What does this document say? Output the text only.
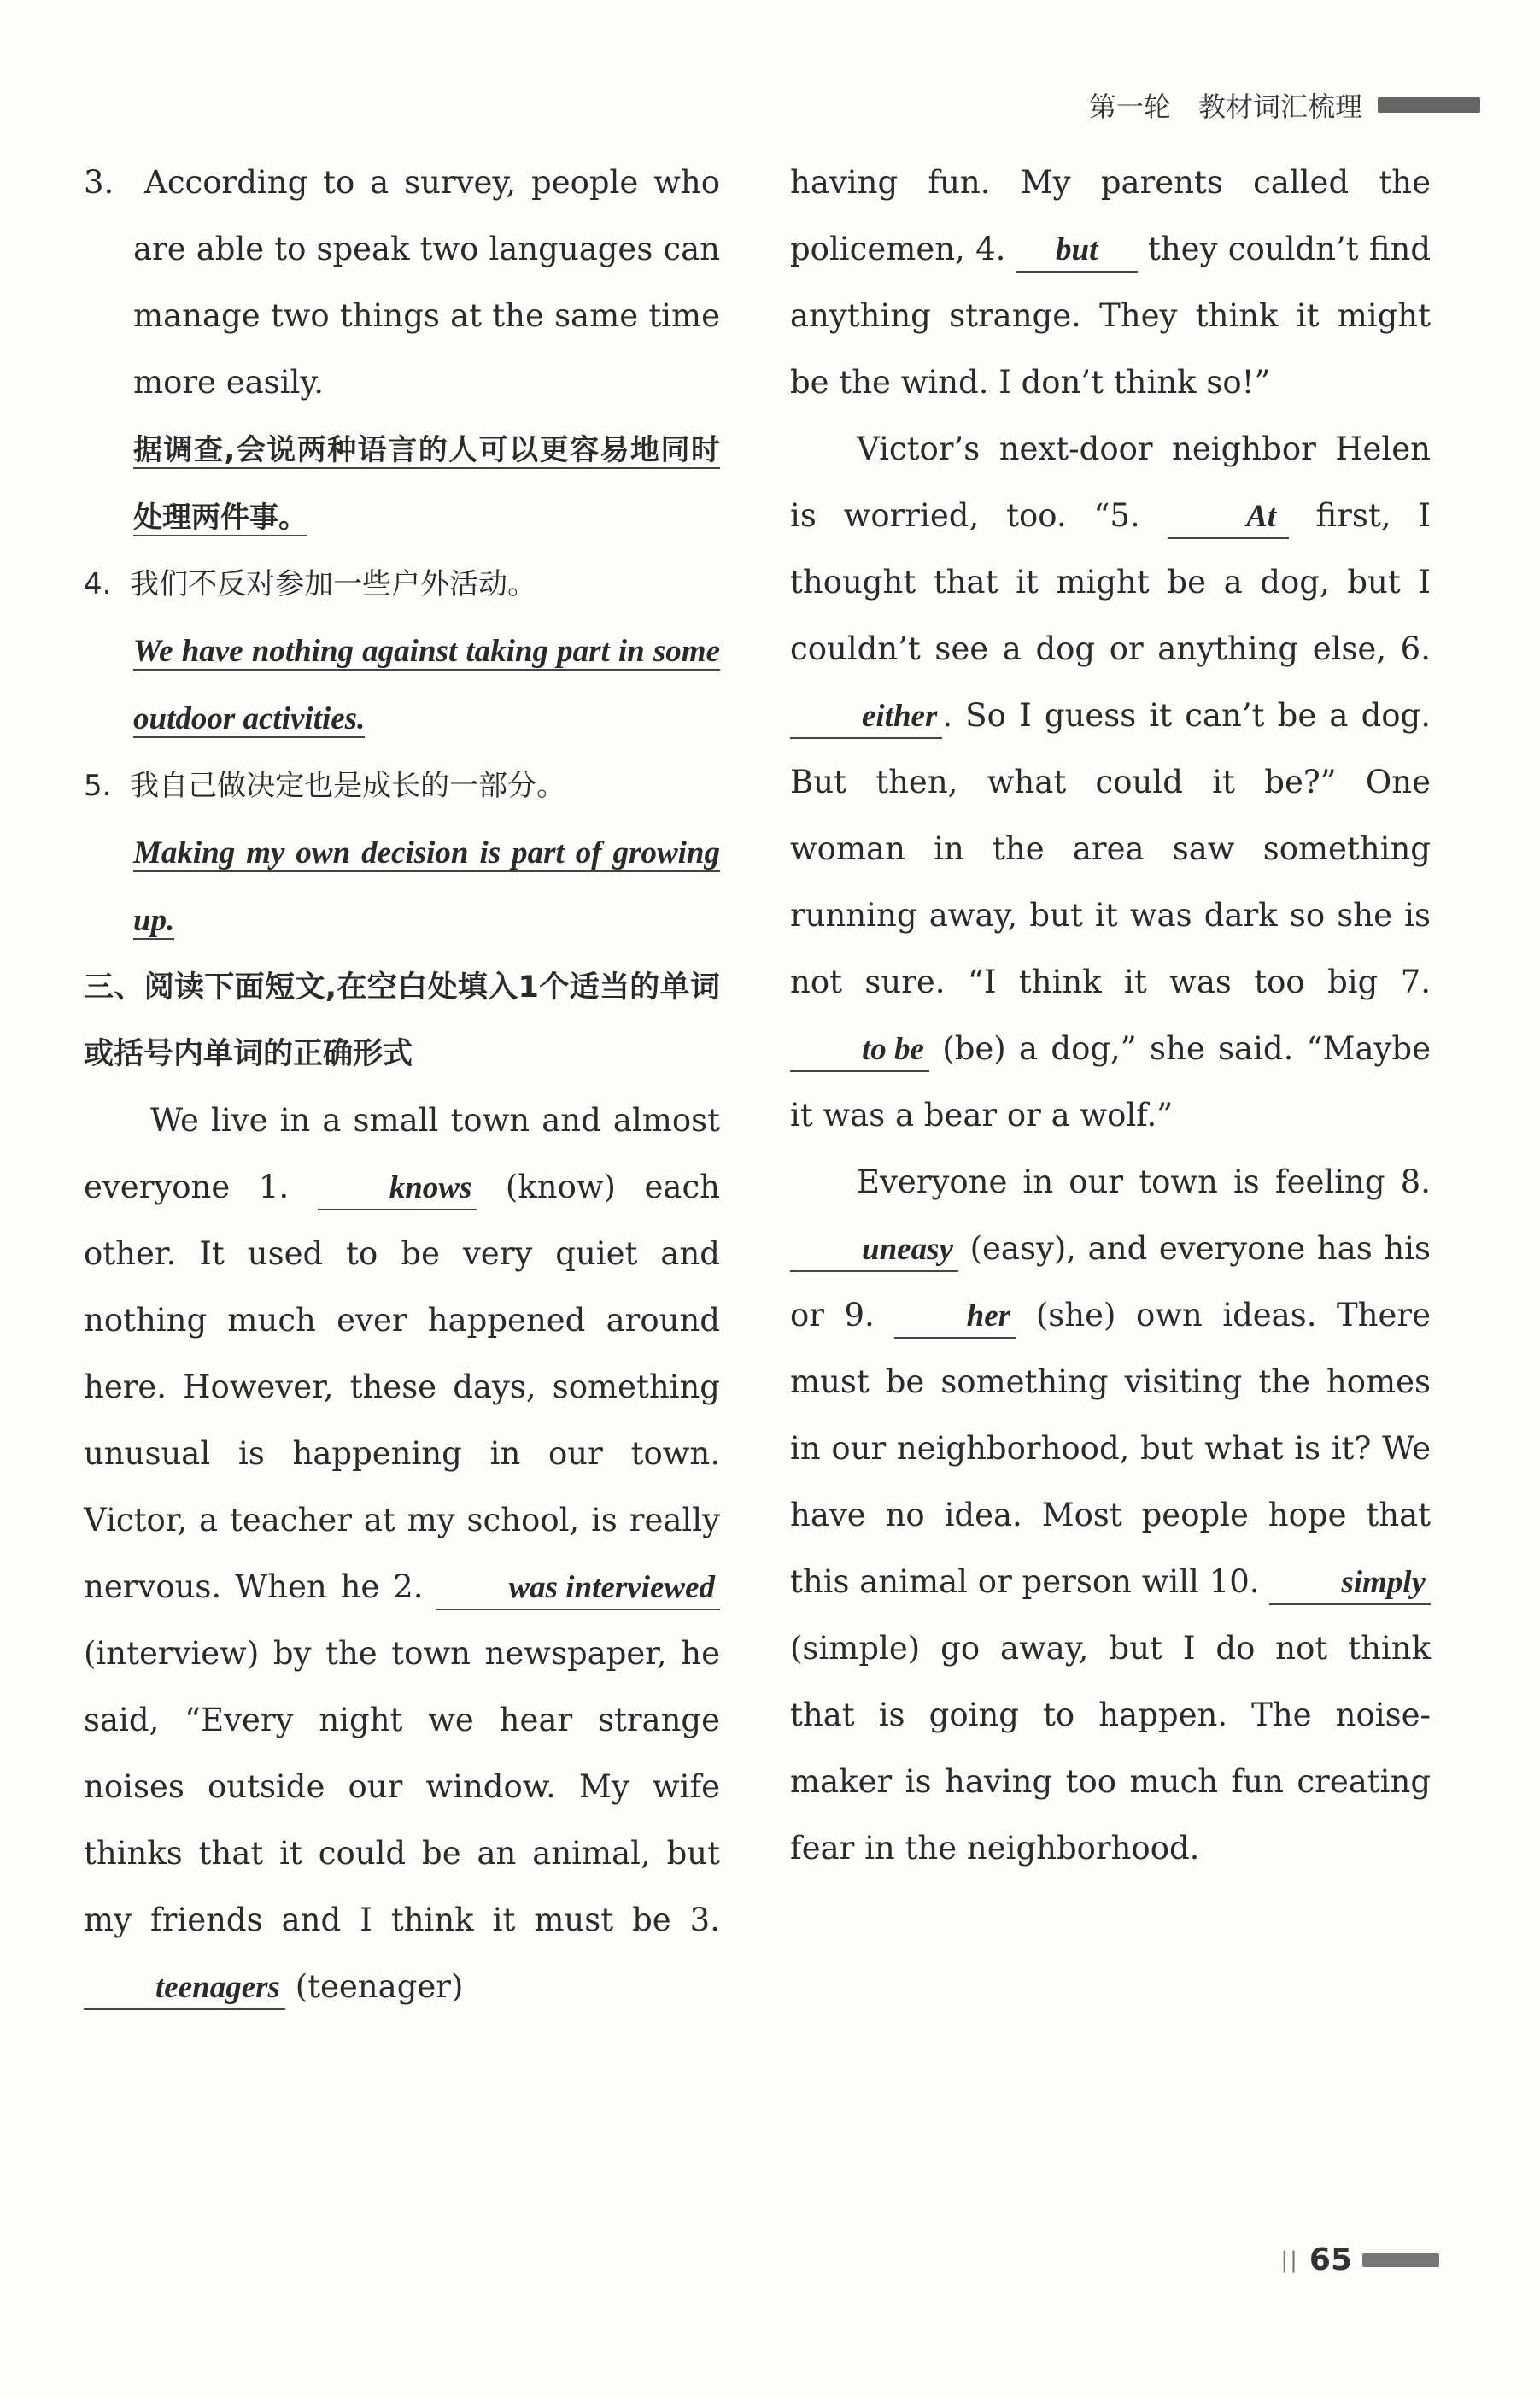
第一轮　教材词汇梳理

3. According to a survey, people who are able to speak two languages can manage two things at the same time more easily.

据调查,会说两种语言的人可以更容易地同时处理两件事。

4. 我们不反对参加一些户外活动。

We have nothing against taking part in some outdoor activities.

5. 我自己做决定也是成长的一部分。

Making my own decision is part of growing up.

三、阅读下面短文,在空白处填入1个适当的单词或括号内单词的正确形式

We live in a small town and almost everyone 1.	knows (know) each other. It used to be very quiet and nothing much ever happened around here. However, these days, something unusual is happening in our town. Victor, a teacher at my school, is really nervous. When he 2.	was interviewed (interview) by the town newspaper, he said, “Every night we hear strange noises outside our window. My wife thinks that it could be an animal, but my friends and I think it must be 3. teenagers (teenager)

having fun. My parents called the policemen, 4. but they couldn’t find anything strange. They think it might be the wind. I don’t think so!”

Victor’s next-door neighbor Helen is worried, too. “5.	At first, I thought that it might be a dog, but I couldn’t see a dog or anything else, 6. either . So I guess it can’t be a dog. But then, what could it be?” One woman in the area saw something running away, but it was dark so she is not sure. “I think it was too big 7. to be (be) a dog,” she said. “Maybe it was a bear or a wolf.”

Everyone in our town is feeling 8. uneasy (easy), and everyone has his or 9.	her (she) own ideas. There must be something visiting the homes in our neighborhood, but what is it? We have no idea. Most people hope that this animal or person will 10.	simply (simple) go away, but I do not think that is going to happen. The noise-maker is having too much fun creating fear in the neighborhood.

|| 65
